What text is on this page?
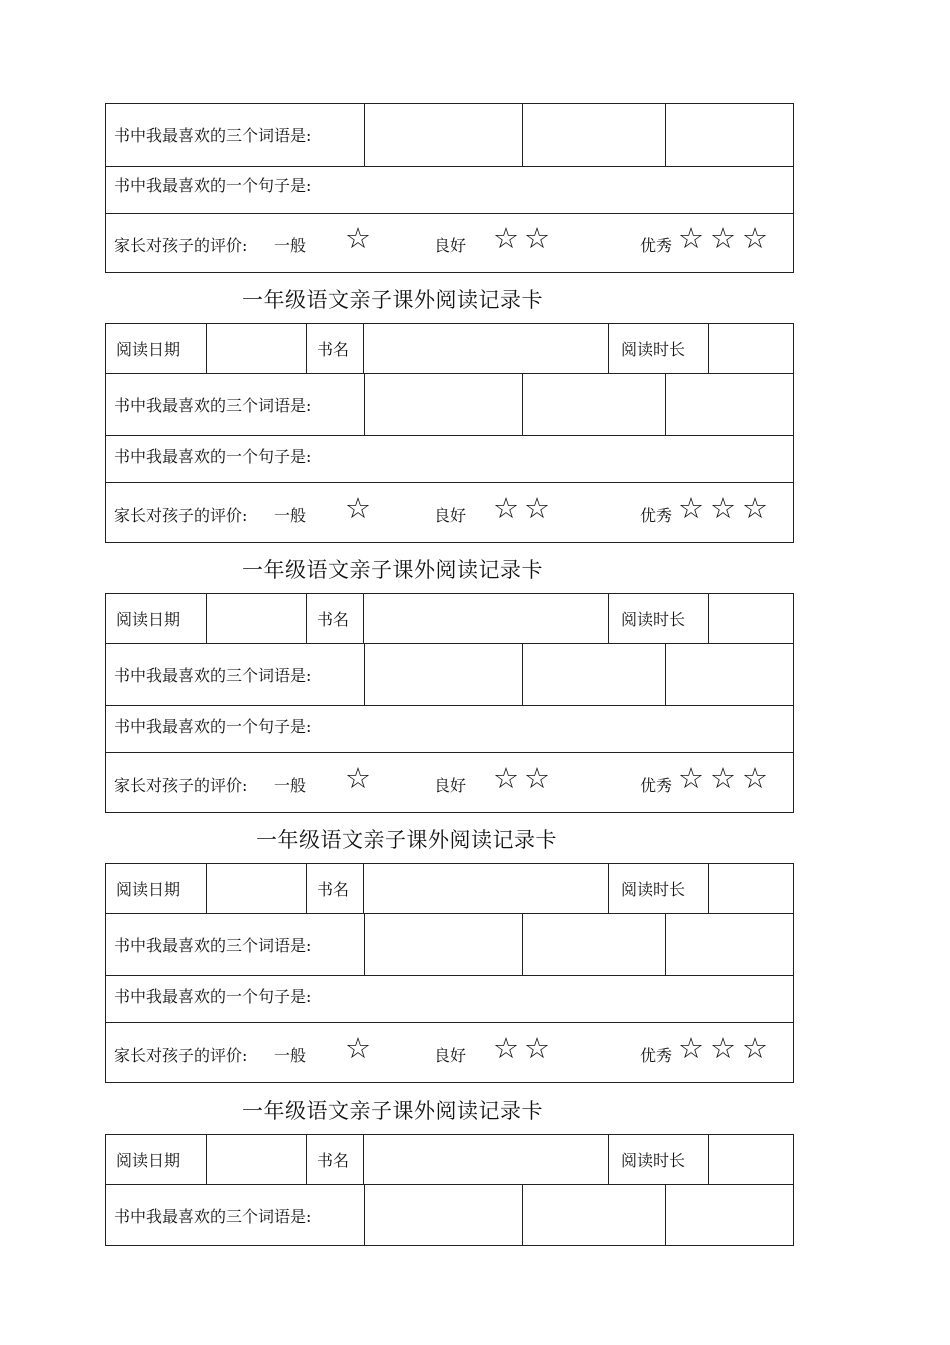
书中我最喜欢的三个词语是:
书中我最喜欢的一个句子是:
家长对孩子的评价: 一般 ☆	良好 ☆ ☆	优秀 ☆ ☆ ☆
一年级语文亲子课外阅读记录卡
阅读日期	书名	阅读时长
书中我最喜欢的三个词语是:
书中我最喜欢的一个句子是:
家长对孩子的评价: 一般 ☆	良好 ☆ ☆	优秀 ☆ ☆ ☆
一年级语文亲子课外阅读记录卡
阅读日期	书名	阅读时长
书中我最喜欢的三个词语是:
书中我最喜欢的一个句子是:
家长对孩子的评价: 一般 ☆	良好 ☆ ☆	优秀 ☆ ☆ ☆
一年级语文亲子课外阅读记录卡
阅读日期	书名	阅读时长
书中我最喜欢的三个词语是:
书中我最喜欢的一个句子是:
家长对孩子的评价: 一般 ☆	良好 ☆ ☆	优秀 ☆ ☆ ☆
一年级语文亲子课外阅读记录卡
阅读日期	书名	阅读时长
书中我最喜欢的三个词语是:
